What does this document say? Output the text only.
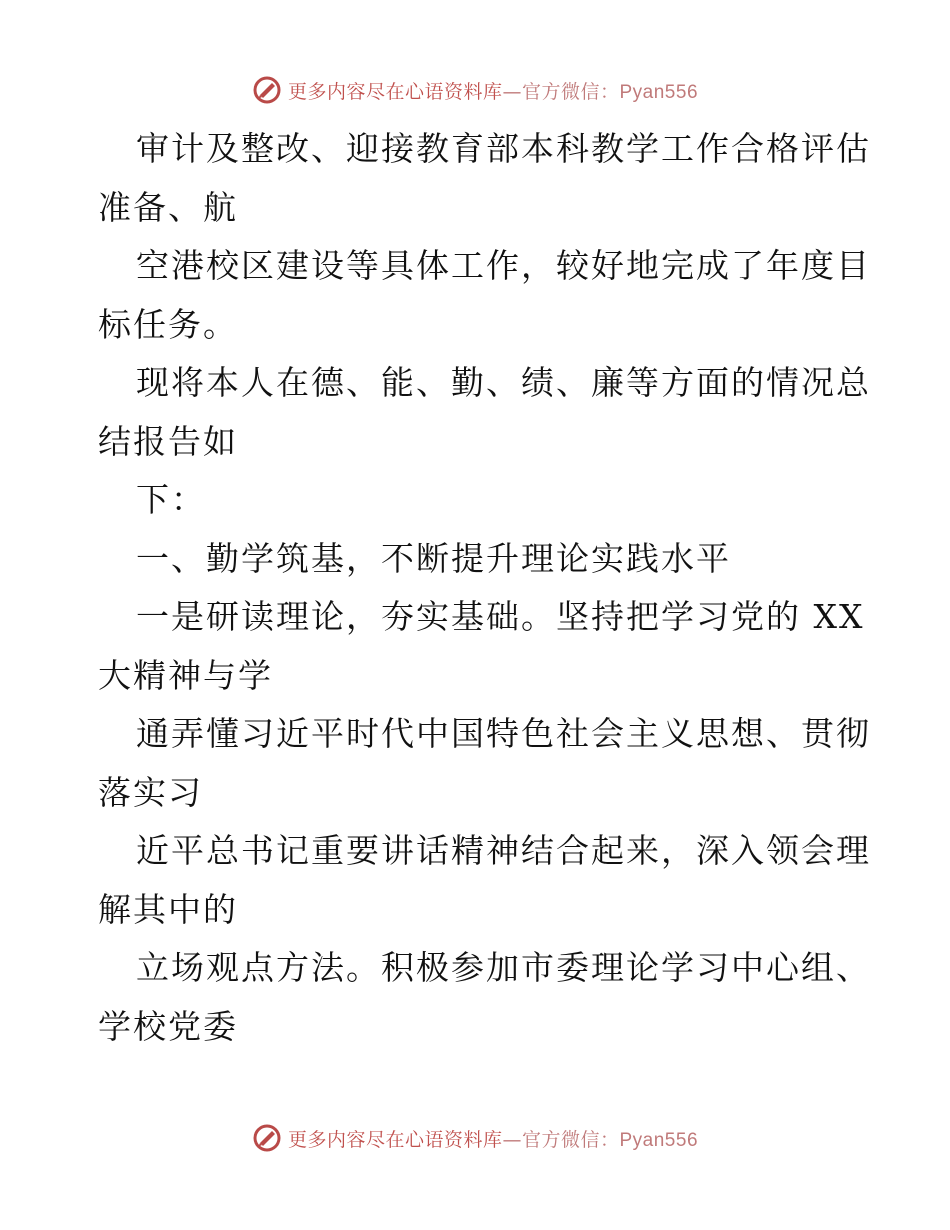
更多内容尽在心语资料库—官方微信：Pyan556
审计及整改、迎接教育部本科教学工作合格评估
准备、航
空港校区建设等具体工作，较好地完成了年度目
标任务。
现将本人在德、能、勤、绩、廉等方面的情况总
结报告如
下：
一、勤学筑基，不断提升理论实践水平
一是研读理论，夯实基础。坚持把学习党的 XX
大精神与学
通弄懂习近平时代中国特色社会主义思想、贯彻
落实习
近平总书记重要讲话精神结合起来，深入领会理
解其中的
立场观点方法。积极参加市委理论学习中心组、
学校党委
更多内容尽在心语资料库—官方微信：Pyan556
